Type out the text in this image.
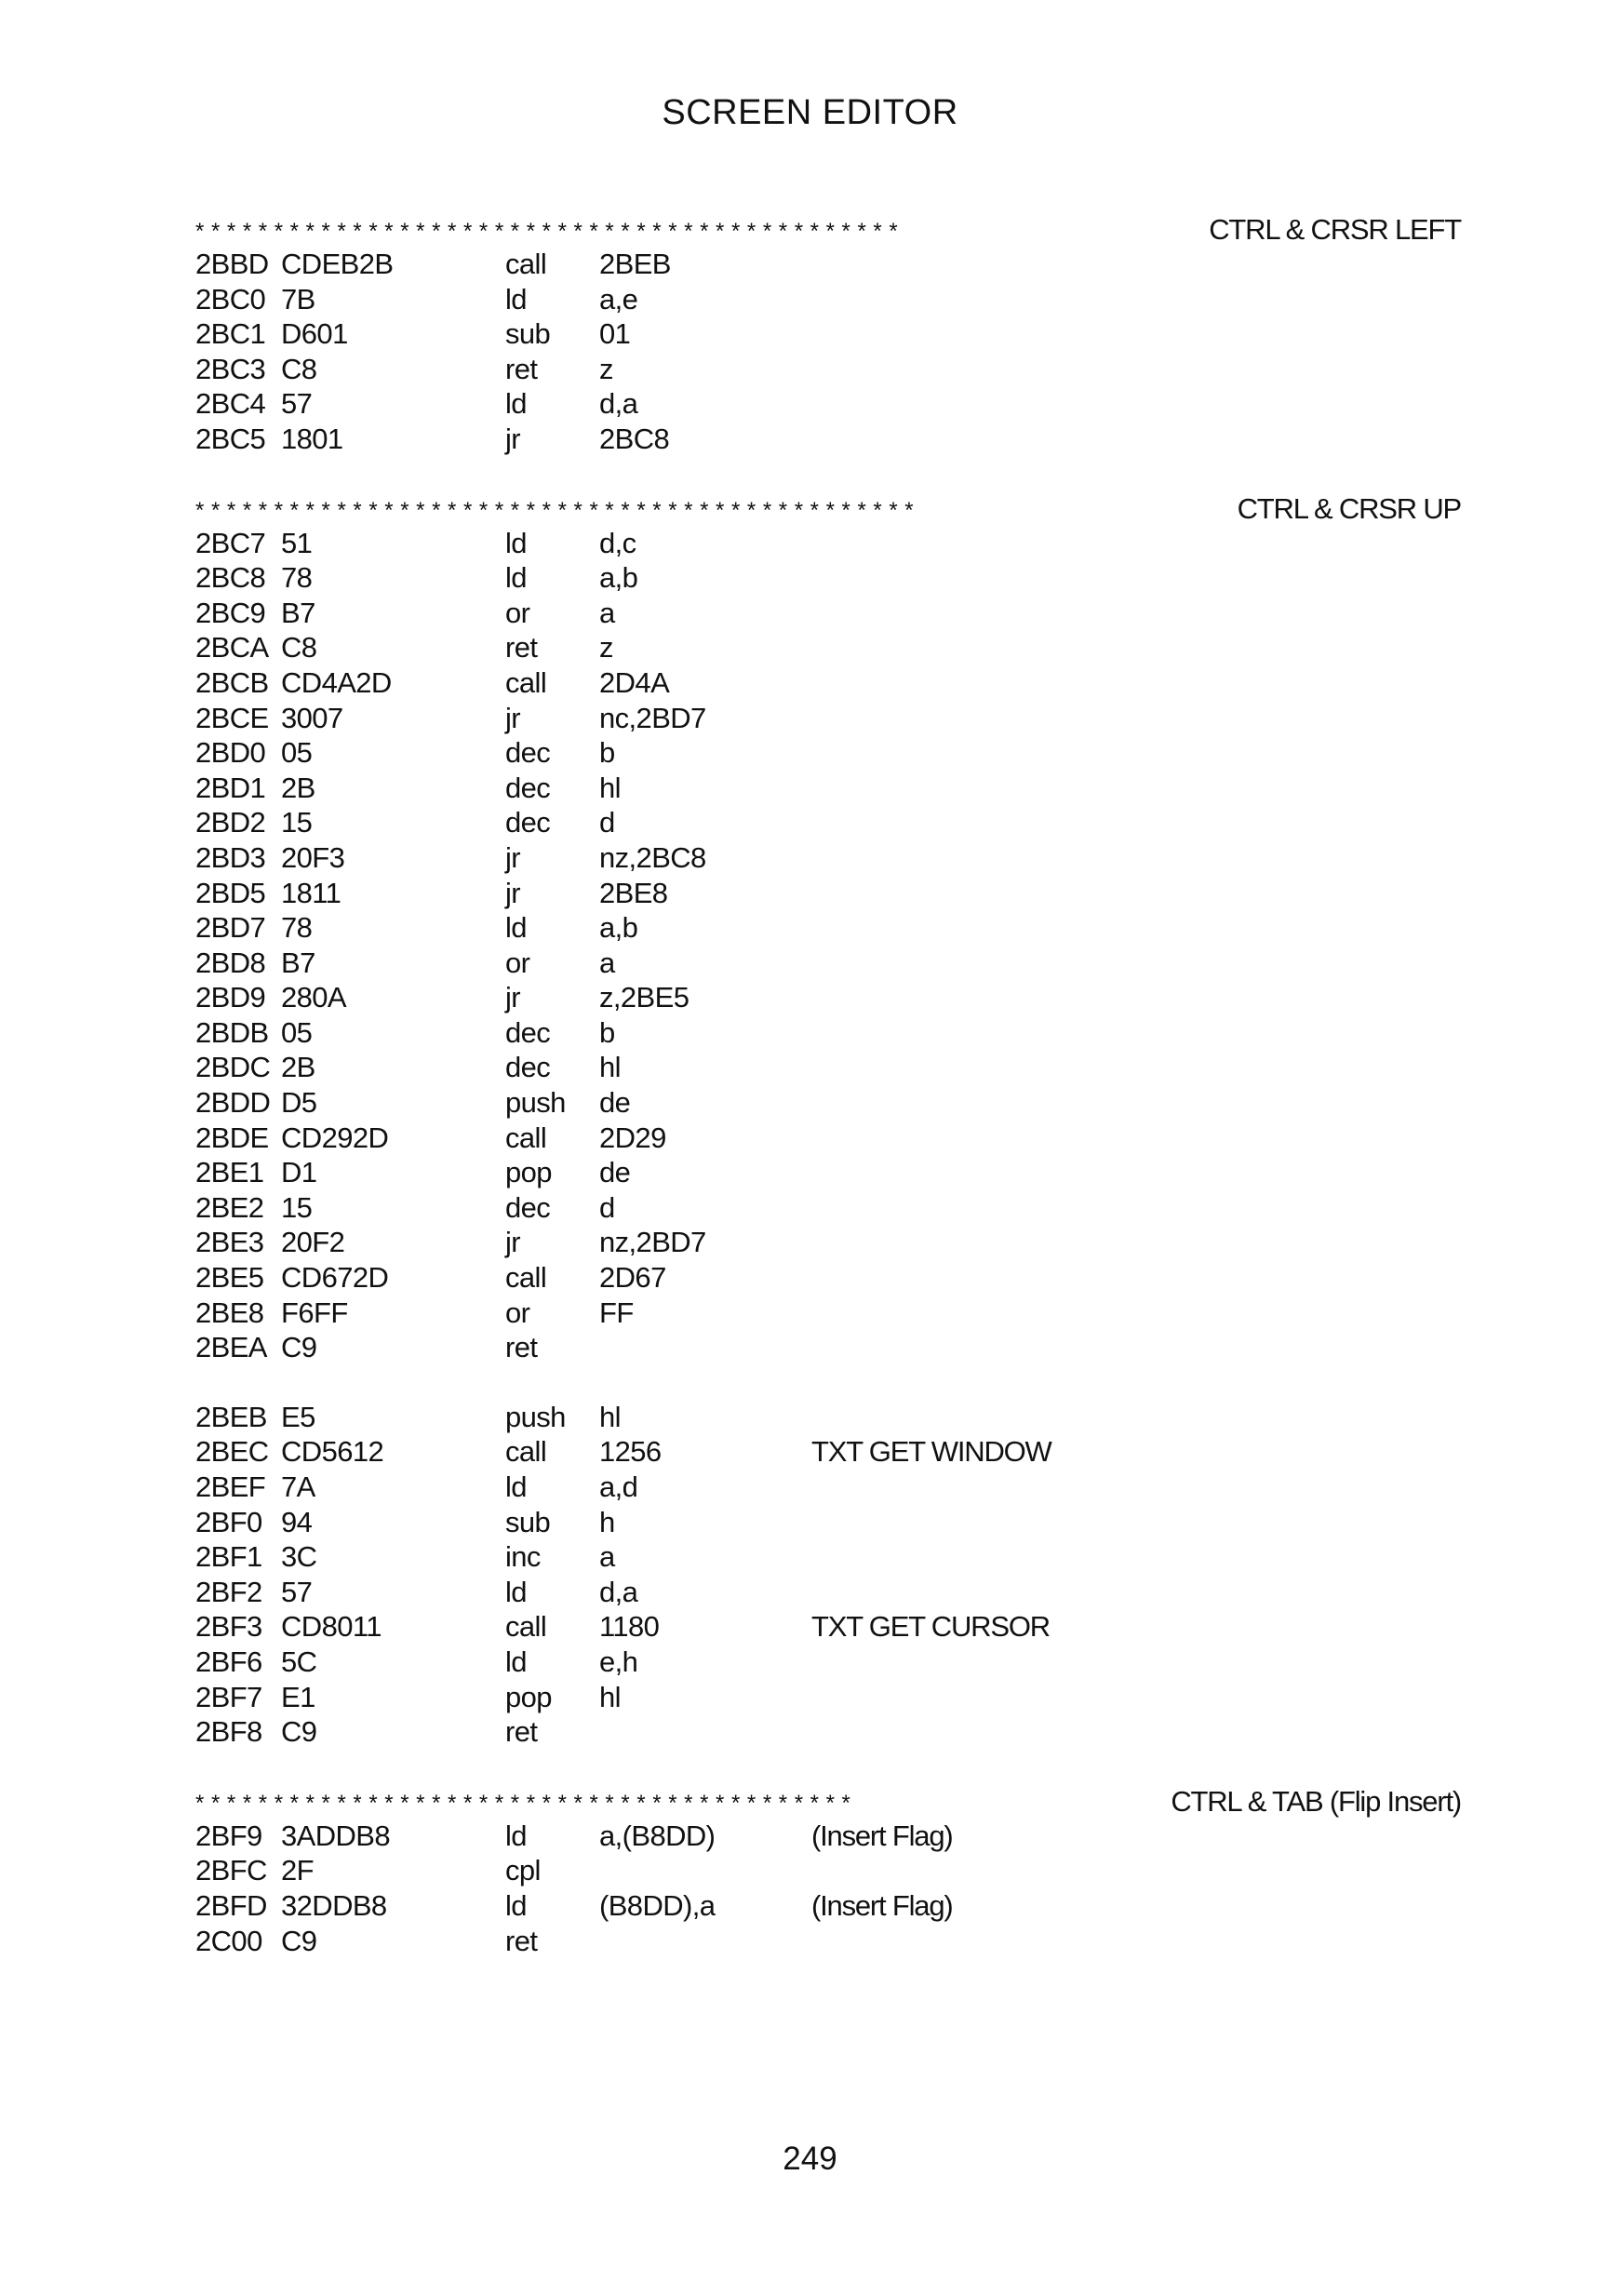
SCREEN EDITOR
*********************************************	CTRL & CRSR LEFT
2BBD CDEB2B	call 2BEB
2BC0 7B	ld	a,e
2BC1 D601	sub 01
2BC3 C8	ret z
2BC4 57	ld	d,a
2BC5 1801	jr	2BC8
**********************************************	CTRL & CRSR UP
2BC7 51	ld	d,c
2BC8 78	ld	a,b
2BC9 B7	or a
2BCA C8	ret z
2BCB CD4A2D	call 2D4A
2BCE 3007	jr	nc,2BD7
2BD0 05	dec b
2BD1 2B	dec hl
2BD2 15	dec d
2BD3 20F3	jr	nz,2BC8
2BD5 1811	jr	2BE8
2BD7 78	ld	a,b
2BD8 B7	or a
2BD9 280A	jr	z,2BE5
2BDB 05	dec b
2BDC 2B	dec hl
2BDD D5	push de
2BDE CD292D	call 2D29
2BE1 D1	pop de
2BE2 15	dec d
2BE3 20F2	jr	nz,2BD7
2BE5 CD672D	call 2D67
2BE8 F6FF	or FF
2BEA C9	ret
2BEB E5	push hl
2BEC CD5612	call 1256	TXT GET WINDOW
2BEF 7A	ld	a,d
2BF0 94	sub h
2BF1 3C	inc a
2BF2 57	ld	d,a
2BF3 CD8011	call 1180	TXT GET CURSOR
2BF6 5C	ld	e,h
2BF7 E1	pop hl
2BF8 C9	ret
******************************************	CTRL & TAB (Flip Insert)
2BF9 3ADDB8	ld	a,(B8DD)	(Insert Flag)
2BFC 2F	cpl
2BFD 32DDB8	ld	(B8DD),a	(Insert Flag)
2C00 C9	ret
249
